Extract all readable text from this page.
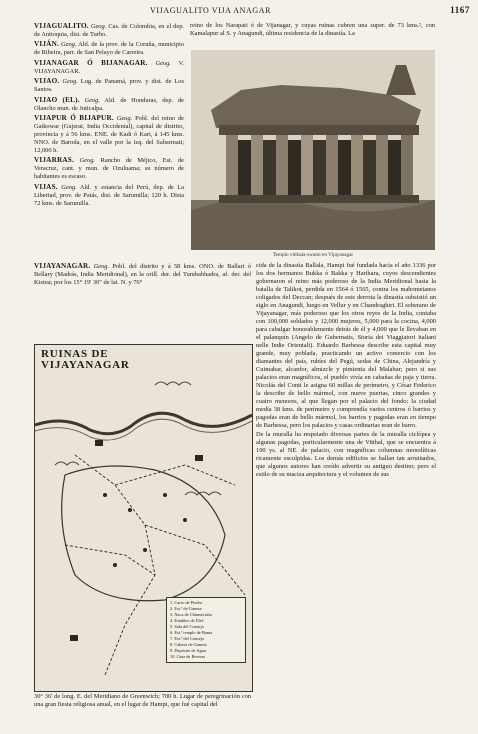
VIJAGUALITO VIJA ANAGAR	1167

VIJAGUALITO. Geog. Cas. de Colombia, en el dep. de Antioquia, dist. de Turbo.

VIJÁN. Geog. Ald. de la prov. de la Coruña, municipio de Ribeira, parr. de San Pelayo de Carreira.

VIJANAGAR Ó BIJANAGAR. Geog. V. VIJAYANAGAR.

VIJAO. Geog. Lug. de Panamá, prov. y dist. de Los Santos.

VIJAO (EL). Geog. Ald. de Honduras, dep. de Olancho mun. de Juticalpa.

VIJAPUR Ó BIJAPUR. Geog. Pobl. del reino de Gaikowar (Gujerat, India Occidental), capital de distrito, provincia y á 56 kms. ENE. de Kadi ó Kari, á 145 kms. NNO. de Baroda, en el valle por la izq. del Sabarmati; 12,000 h.

VIJARRAS. Geog. Rancho de Méjico, Est. de Veracruz, cant. y mun. de Ozuluama; su número de habitantes es escaso.

VIJAS. Geog. Ald. y estancia del Perú, dep. de La Libertad, prov. de Patás, dist. de Sarumilla; 120 h. Dista 72 kms. de Sarumilla.

reino de los Narapati ó de Vijanagar, y cuyas ruinas cubren una super. de 73 kms.², con Kamalapur al S. y Anagundi, última residencia de la dinastía. La

Templo vitthala-swami en Vijayanagar

VIJAYANAGAR. Geog. Pobl. del distrito y á 58 kms. ONO. de Ballari ó Bellary (Madrás, India Meridional), en la orill. der. del Tumbabhadra, af. der. del Kistna; por los 15° 19' 30" de lat. N. y 76°

cida de la dinastía Ballala, Hampi fué fundada hacia el año 1336 por los dos hermanos Bukka ó Bakka y Harihara, cuyos descendientes gobernaron el reino más poderoso de la India Meridional hasta la batalla de Talikot, perdida en 1564 ó 1565, contra los mahometanos coligados del Deccan; después de este derrota la dinastía subsistió un siglo en Anagundi, luego en Vellur y en Chandraghiri. El soberano de Vijayanagar, más poderoso que los otros reyes de la India, contaba con 100,000 soldados y 12,000 mujeres, 5,000 para la cocina, 4,000 para cabalgar honorablemente detrás de él y 4,000 que le llevaban en el palanquín (Angelo de Gubernatis, Storia dei Viaggiatori italiani nelle Indie Orientali). Eduardo Barbessa describe esta capital muy grande, muy poblada, practicando un activo comercio con los diamantes del país, rubíes del Pegú, sedas de China, Alejandría y Cuimabar, alcanfor, almizcle y pimienta del Malabar; pero si sus palacios eran magníficos, el pueblo vivía en cabañas de paja y tierra. Nicolás del Conti le asigna 60 millas de perímetro, y César Federico la describe de bello mármol, con nueve puertas, cinco grandes y cuatro menores, al que llegan por el palacio del fondo; la ciudad medía 38 kms. de perímetro y comprendía varios centros ó barrios y pagodas eran de bello mármol, los barrios y pagodas eran en tiempo de Barbessa, pero los palacios y casas ordinarias eran de barro.

De la muralla ha respetado diversas partes de la muralla ciclópea y algunas pagodas, particularmente una de Vitthal, que se encuentra á 100 ys. al NE. de palacio, con magníficas columnas monolíticas ricamente esculpidas. Los demás edificios se hallan tan arruinados, que algunos autores han creído advertir su antiguo destino; pero el estilo de su maciza arquitectura y el volumen de sus

RUINAS DE
VIJAYANAGAR
1. Carro de Piedra
2. Est.ª de Ganesa
3. Naca de Chinnavisha
4. Estableo de Elef.
5. Sala del Consejo
6. Est.ª templo de Rama
7. Est.ª del Consejo
8. Cabeza de Ganesa
9. Depósito de Agua
10. Casa de Reseras

30° 36' de long. E. del Meridiano de Greenwich; 700 h. Lugar de peregrinación con una gran fiesta religiosa anual, en el lugar de Hampi, que fué capital del
